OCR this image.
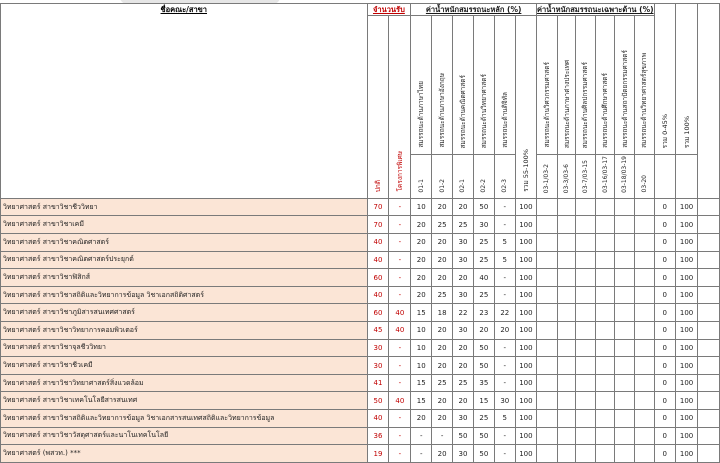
ชื่อคณะ/สาขา	จำนวนรับ		ค่าน้ำหนักสมรรถนะหลัก (%)						ค่าน้ำหนักสมรรถนะเฉพาะด้าน (%)						รวม 0-45%	รวม 100%	
	ปกติ	โครงการพิเศษ	สมรรถนะด้านภาษาไทย	สมรรถนะด้านภาษาอังกฤษ	สมรรถนะด้านคณิตศาสตร์	สมรรถนะด้านวิทยาศาสตร์	สมรรถนะด้านดิจิทัล	รวม 55-100%	สมรรถนะด้านวิศวกรรมศาสตร์	สมรรถนะด้านภาษาต่างประเทศ	สมรรถนะด้านศิลปกรรมศาสตร์	สมรรถนะด้านศึกษาศาสตร์	สมรรถนะด้านสถาปัตยกรรมศาสตร์	สมรรถนะด้านวิทยาศาสตร์สุขภาพ			
			01-1	01-2	02-1	02-2	02-3		03-1/03-2	03-3/03-6	03-7/03-15	03-16/03-17	03-18/03-19	03-20			
วิทยาศาสตร์ สาขาวิชาชีววิทยา	70	-	10	20	20	50	-	100							0	100	
วิทยาศาสตร์ สาขาวิชาเคมี	70	-	20	25	25	30	-	100							0	100	
วิทยาศาสตร์ สาขาวิชาคณิตศาสตร์	40	-	20	20	30	25	5	100							0	100	
วิทยาศาสตร์ สาขาวิชาคณิตศาสตร์ประยุกต์	40	-	20	20	30	25	5	100							0	100	
วิทยาศาสตร์ สาขาวิชาฟิสิกส์	60	-	20	20	20	40	-	100							0	100	
วิทยาศาสตร์ สาขาวิชาสถิติและวิทยาการข้อมูล วิชาเอกสถิติศาสตร์	40	-	20	25	30	25	-	100							0	100	
วิทยาศาสตร์ สาขาวิชาภูมิสารสนเทศศาสตร์	60	40	15	18	22	23	22	100							0	100	
วิทยาศาสตร์ สาขาวิชาวิทยาการคอมพิวเตอร์	45	40	10	20	30	20	20	100							0	100	
วิทยาศาสตร์ สาขาวิชาจุลชีววิทยา	30	-	10	20	20	50	-	100							0	100	
วิทยาศาสตร์ สาขาวิชาชีวเคมี	30	-	10	20	20	50	-	100							0	100	
วิทยาศาสตร์ สาขาวิชาวิทยาศาสตร์สิ่งแวดล้อม	41	-	15	25	25	35	-	100							0	100	
วิทยาศาสตร์ สาขาวิชาเทคโนโลยีสารสนเทศ	50	40	15	20	20	15	30	100							0	100	
วิทยาศาสตร์ สาขาวิชาสถิติและวิทยาการข้อมูล วิชาเอกสารสนเทศสถิติและวิทยาการข้อมูล	40	-	20	20	30	25	5	100							0	100	
วิทยาศาสตร์ สาขาวิชาวัสดุศาสตร์และนาโนเทคโนโลยี	36	-	-	-	50	50	-	100							0	100	
วิทยาศาสตร์ (พสวท.) ***	19	-	-	20	30	50	-	100							0	100	
